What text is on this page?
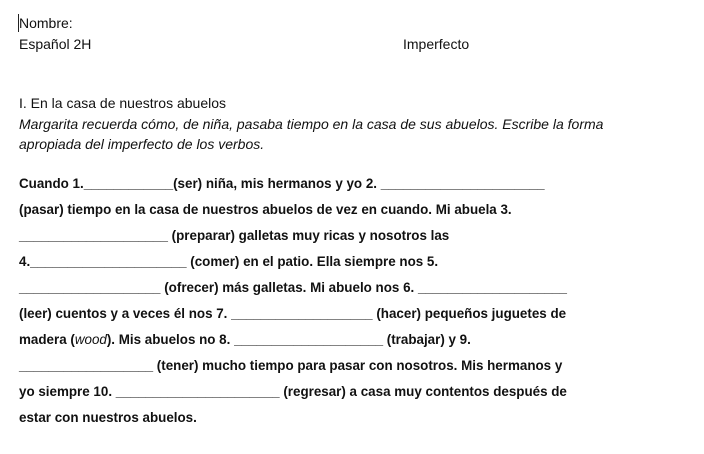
Nombre:
Español 2H	Imperfecto
I. En la casa de nuestros abuelos
Margarita recuerda cómo, de niña, pasaba tiempo en la casa de sus abuelos. Escribe la forma
apropiada del imperfecto de los verbos.
Cuando 1.____________(ser) niña, mis hermanos y yo 2. ______________________
(pasar) tiempo en la casa de nuestros abuelos de vez en cuando. Mi abuela 3.
____________________ (preparar) galletas muy ricas y nosotros las
4._____________________ (comer) en el patio. Ella siempre nos 5.
___________________ (ofrecer) más galletas. Mi abuelo nos 6. ____________________
(leer) cuentos y a veces él nos 7. ___________________ (hacer) pequeños juguetes de
madera (wood). Mis abuelos no 8. ____________________ (trabajar) y 9.
__________________ (tener) mucho tiempo para pasar con nosotros. Mis hermanos y
yo siempre 10. ______________________ (regresar) a casa muy contentos después de
estar con nuestros abuelos.
